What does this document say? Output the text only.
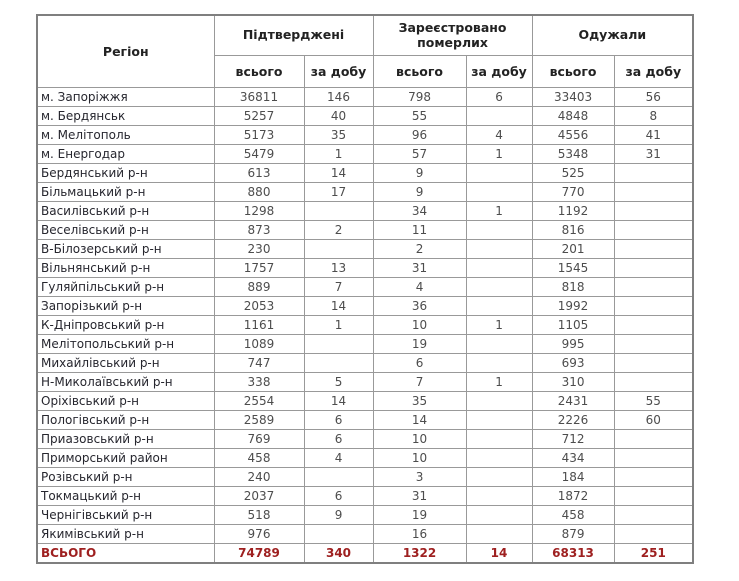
Регіон	Підтверджені		Зареєстровано померлих		Одужали	
	всього	за добу	всього	за добу	всього	за добу
м. Запоріжжя	36811	146	798	6	33403	56
м. Бердянськ	5257	40	55		4848	8
м. Мелітополь	5173	35	96	4	4556	41
м. Енергодар	5479	1	57	1	5348	31
Бердянський р-н	613	14	9		525	
Більмацький р-н	880	17	9		770	
Василівський р-н	1298		34	1	1192	
Веселівський р-н	873	2	11		816	
В-Білозерський р-н	230		2		201	
Вільнянський р-н	1757	13	31		1545	
Гуляйпільський р-н	889	7	4		818	
Запорізький р-н	2053	14	36		1992	
К-Дніпровський р-н	1161	1	10	1	1105	
Мелітопольський р-н	1089		19		995	
Михайлівський р-н	747		6		693	
Н-Миколаївський р-н	338	5	7	1	310	
Оріхівський р-н	2554	14	35		2431	55
Пологівський р-н	2589	6	14		2226	60
Приазовський р-н	769	6	10		712	
Приморський район	458	4	10		434	
Розівський р-н	240		3		184	
Токмацький р-н	2037	6	31		1872	
Чернігівський р-н	518	9	19		458	
Якимівський р-н	976		16		879	
ВСЬОГО	74789	340	1322	14	68313	251
